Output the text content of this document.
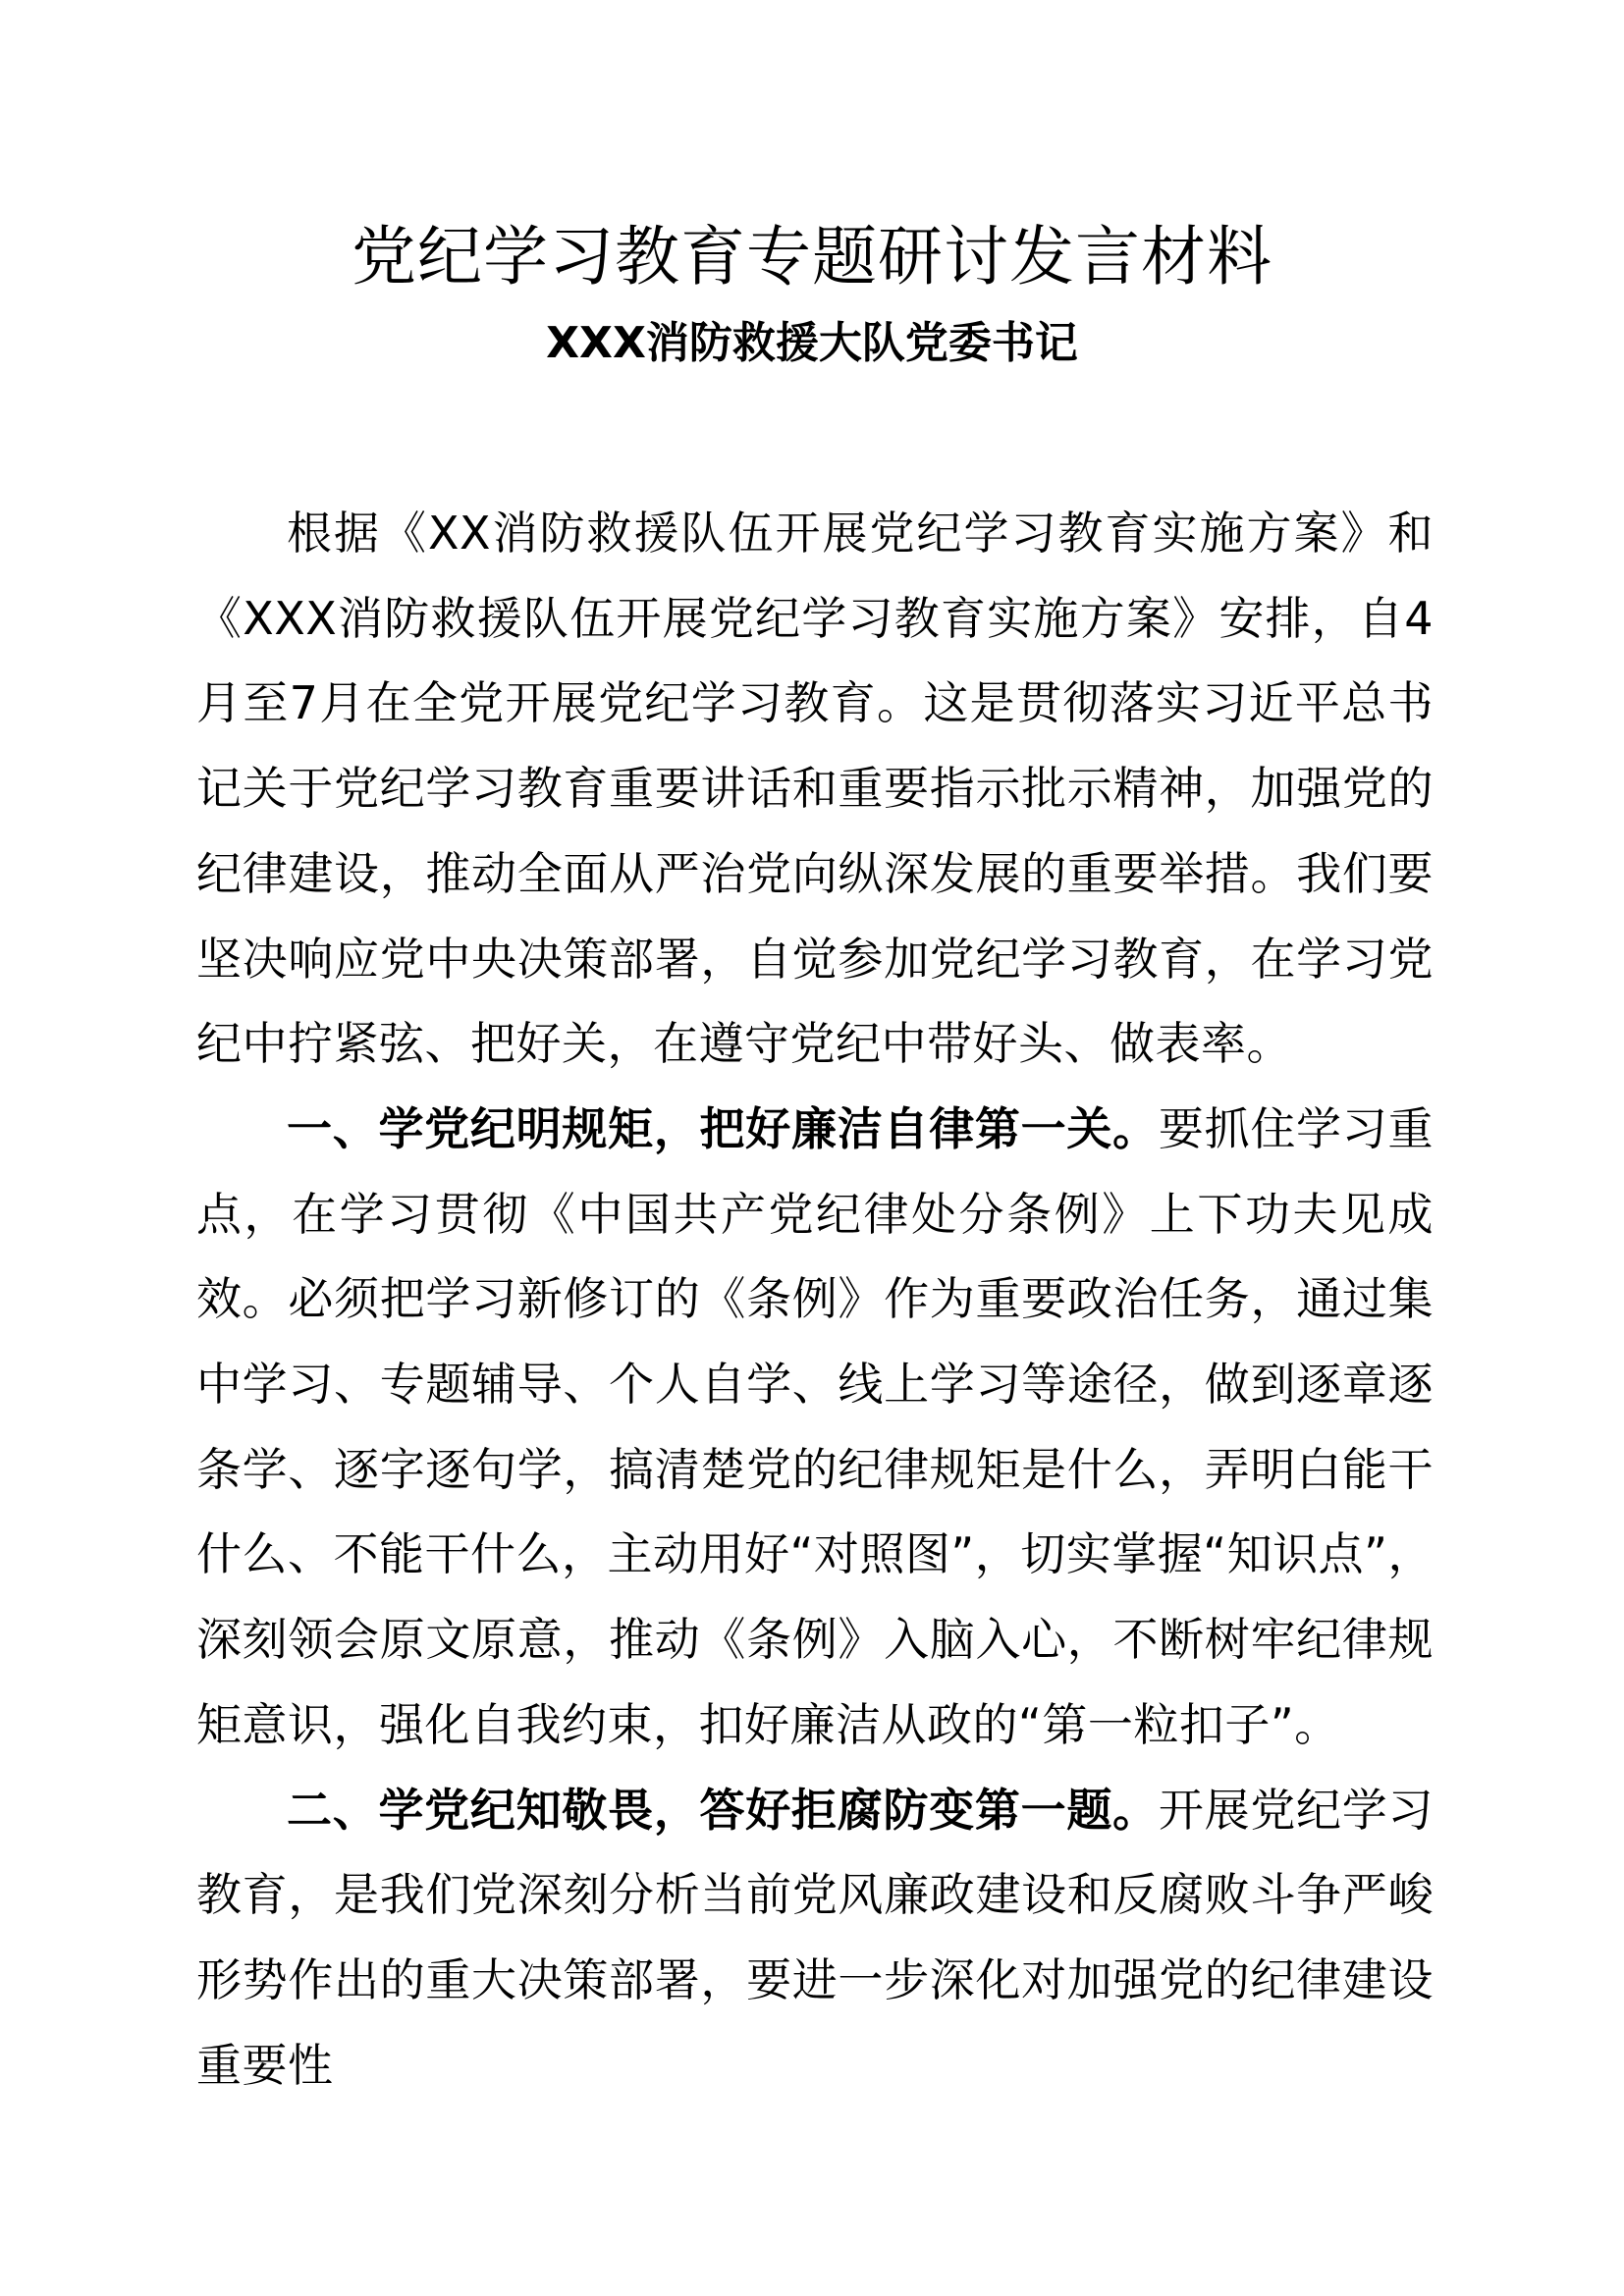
党纪学习教育专题研讨发言材料
XXX消防救援大队党委书记

根据《XX消防救援队伍开展党纪学习教育实施方案》和《XXX消防救援队伍开展党纪学习教育实施方案》安排，自4月至7月在全党开展党纪学习教育。这是贯彻落实习近平总书记关于党纪学习教育重要讲话和重要指示批示精神，加强党的纪律建设，推动全面从严治党向纵深发展的重要举措。我们要坚决响应党中央决策部署，自觉参加党纪学习教育，在学习党纪中拧紧弦、把好关，在遵守党纪中带好头、做表率。

一、学党纪明规矩，把好廉洁自律第一关。要抓住学习重点，在学习贯彻《中国共产党纪律处分条例》上下功夫见成效。必须把学习新修订的《条例》作为重要政治任务，通过集中学习、专题辅导、个人自学、线上学习等途径，做到逐章逐条学、逐字逐句学，搞清楚党的纪律规矩是什么，弄明白能干什么、不能干什么，主动用好“对照图”，切实掌握“知识点”，深刻领会原文原意，推动《条例》入脑入心，不断树牢纪律规矩意识，强化自我约束，扣好廉洁从政的“第一粒扣子”。

二、学党纪知敬畏，答好拒腐防变第一题。开展党纪学习教育，是我们党深刻分析当前党风廉政建设和反腐败斗争严峻形势作出的重大决策部署，要进一步深化对加强党的纪律建设重要性
